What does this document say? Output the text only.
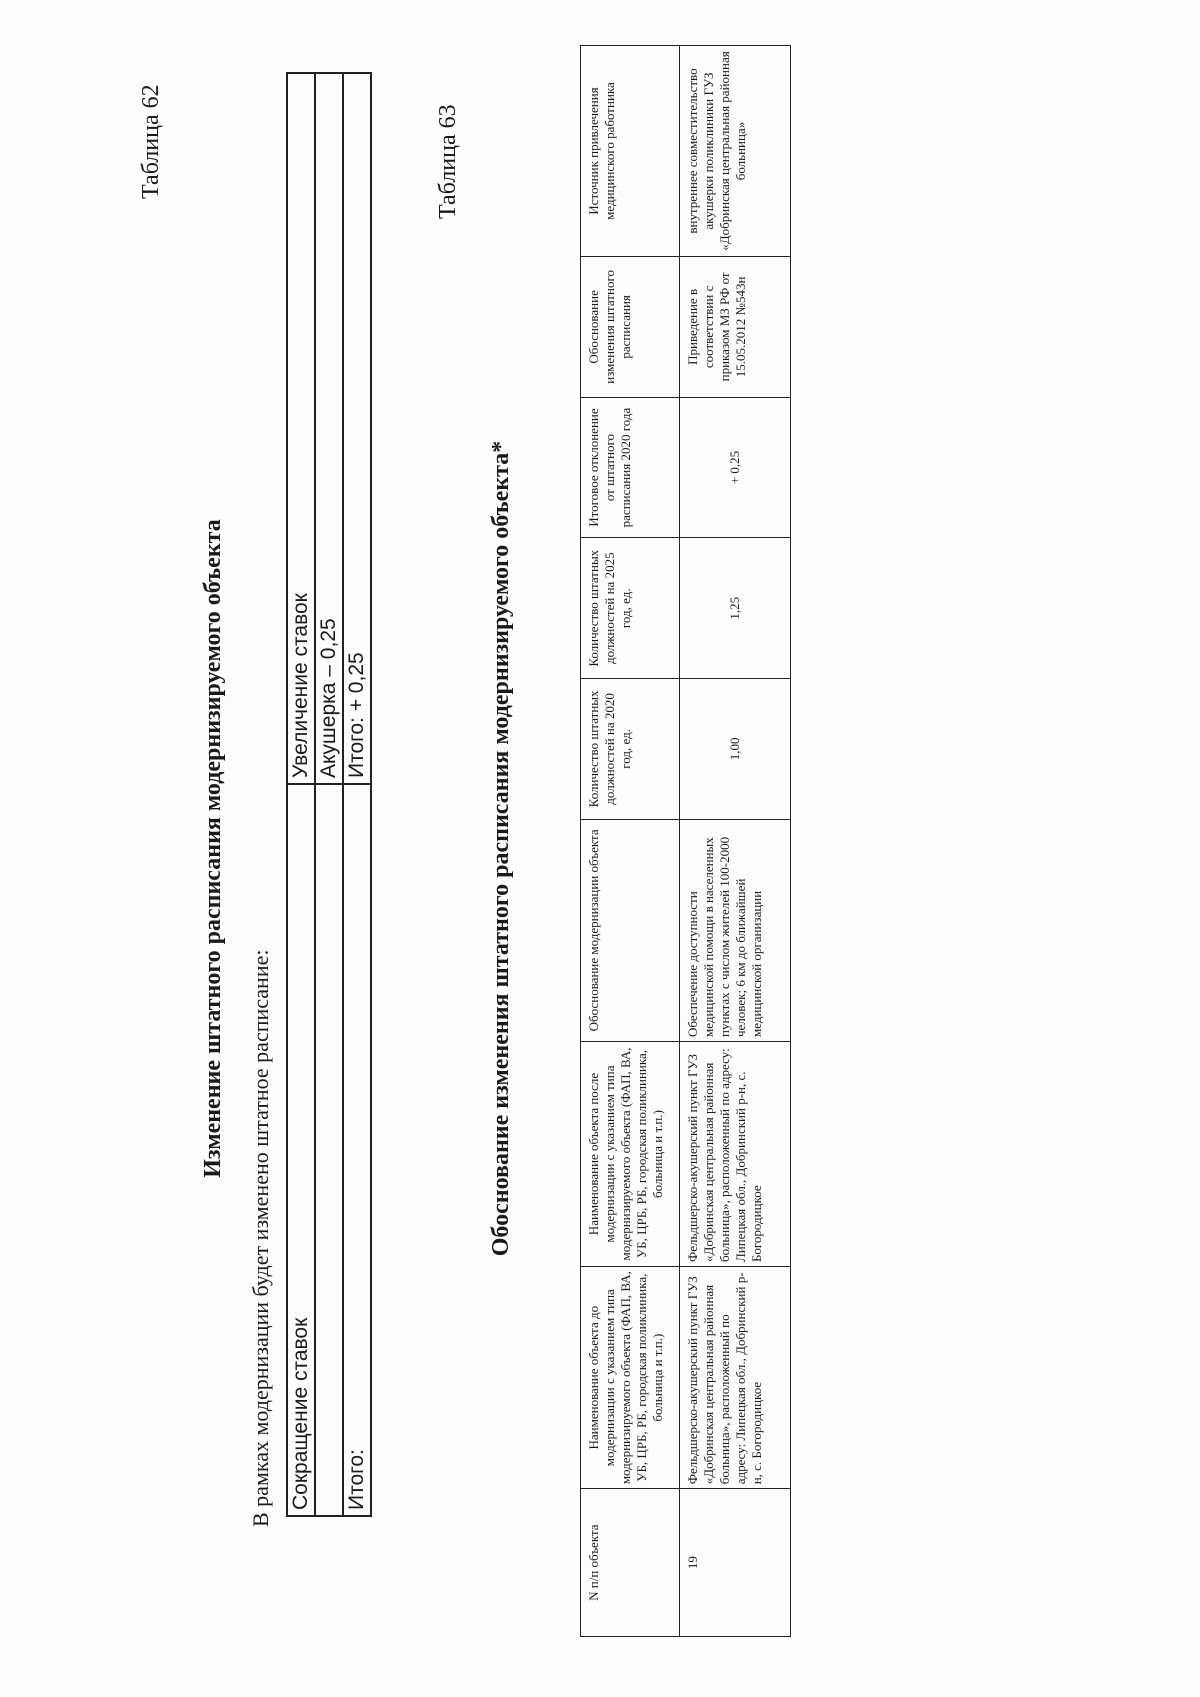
Таблица 62
Изменение штатного расписания модернизируемого объекта
В рамках модернизации будет изменено штатное расписание: Сокращение ставок	Увеличение ставок
	Акушерка – 0,25
Итого:	Итого: + 0,25
Таблица 63
Обоснование изменения штатного расписания модернизируемого объекта*
N п/п объекта	Наименование объекта до модернизации с указанием типа модернизируемого объекта (ФАП, ВА, УБ, ЦРБ, РБ, городская поликлиника, больница и т.п.)	Наименование объекта после модернизации с указанием типа модернизируемого объекта (ФАП, ВА, УБ, ЦРБ, РБ, городская поликлиника, больница и т.п.)	Обоснование модернизации объекта	Количество штатных должностей на 2020 год, ед.	Количество штатных должностей на 2025 год, ед.	Итоговое отклонение от штатного расписания 2020 года	Обоснование изменения штатного расписания	Источник привлечения медицинского работника
19	Фельдшерско-акушерский пункт ГУЗ «Добринская центральная районная больница», расположенный по адресу: Липецкая обл., Добринский р-н, с. Богородицкое	Фельдшерско-акушерский пункт ГУЗ «Добринская центральная районная больница», расположенный по адресу: Липецкая обл., Добринский р-н, с. Богородицкое	Обеспечение доступности медицинской помощи в населенных пунктах с числом жителей 100-2000 человек; 6 км до ближайшей медицинской организации	1,00	1,25	+ 0,25	Приведение в соответствии с приказом МЗ РФ от 15.05.2012 №543н	внутреннее совместительство акушерки поликлиники ГУЗ «Добринская центральная районная больница»
